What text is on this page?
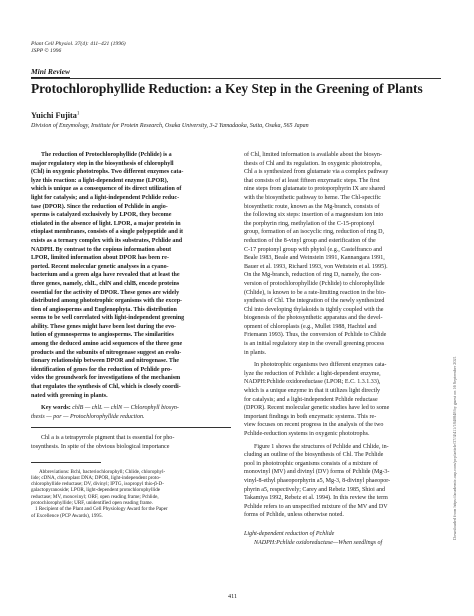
Plant Cell Physiol. 37(4): 411–421 (1996)
JSPP © 1996
Mini Review
Protochlorophyllide Reduction: a Key Step in the Greening of Plants
Yuichi Fujita$^1$
Division of Enzymology, Institute for Protein Research, Osaka University, 3-2 Yamadaoka, Suita, Osaka, 565 Japan
The reduction of Protochlorophyllide (Pchlide) is a
major regulatory step in the biosynthesis of chlorophyll
(Chl) in oxygenic phototrophs. Two different enzymes cata-
lyze this reaction: a light-dependent enzyme (LPOR),
which is unique as a consequence of its direct utilization of
light for catalysis; and a light-independent Pchlide reduc-
tase (DPOR). Since the reduction of Pchlide in angio-
sperms is catalyzed exclusively by LPOR, they become
etiolated in the absence of light. LPOR, a major protein in
etioplast membranes, consists of a single polypeptide and it
exists as a ternary complex with its substrates, Pchlide and
NADPH. By contrast to the copious information about
LPOR, limited information about DPOR has been re-
ported. Recent molecular genetic analyses in a cyano-
bacterium and a green alga have revealed that at least the
three genes, namely, chlL, chlN and chlB, encode proteins
essential for the activity of DPOR. These genes are widely
distributed among phototrophic organisms with the excep-
tion of angiosperms and Euglenophyta. This distribution
seems to be well correlated with light-independent greening
ability. These genes might have been lost during the evo-
lution of gymnosperms to angiosperms. The similarities
among the deduced amino acid sequences of the three gene
products and the subunits of nitrogenase suggest an evolu-
tionary relationship between DPOR and nitrogenase. The
identification of genes for the reduction of Pchlide pro-
vides the groundwork for investigations of the mechanism
that regulates the synthesis of Chl, which is closely coordi-
nated with greening in plants.
Key words: chlB — chlL — chlN — Chlorophyll biosyn-
thesis — por — Protochlorophyllide reduction.
Chl a is a tetrapyrrole pigment that is essential for pho-
tosynthesis. In spite of the obvious biological importance
Abbreviations: Bchl, bacteriochlorophyll; Chlide, chlorophyl-
lide; cDNA, chloroplast DNA; DPOR, light-independent proto-
chlorophyllide reductase; DV, divinyl; IPTG, isopropyl thio-β-D-
galactopyranoside; LPOR, light-dependent protochlorophyllide
reductase; MV, monovinyl; ORF, open reading frame; Pchlide,
protochlorophyllide; URF, unidentified open reading frame.
1 Recipient of the Plant and Cell Physiology Award for the Paper
of Excellence (PCP Awards), 1995.
of Chl, limited information is available about the biosyn-
thesis of Chl and its regulation. In oxygenic phototrophs,
Chl a is synthesized from glutamate via a complex pathway
that consists of at least fifteen enzymatic steps. The first
nine steps from glutamate to protoporphyrin IX are shared
with the biosynthetic pathway to heme. The Chl-specific
biosynthetic route, known as the Mg-branch, consists of
the following six steps: insertion of a magnesium ion into
the porphyrin ring, methylation of the C-15-propionyl
group, formation of an isocyclic ring, reduction of ring D,
reduction of the 8-vinyl group and esterification of the
C-17 propionyl group with phytol (e.g., Castelfranco and
Beale 1983, Beale and Weinstein 1991, Kannangara 1991,
Bauer et al. 1993, Richard 1993, von Wettstein et al. 1995).
On the Mg-branch, reduction of ring D, namely, the con-
version of protochlorophyllide (Pchlide) to chlorophyllide
(Chlide), is known to be a rate-limiting reaction in the bio-
synthesis of Chl. The integration of the newly synthesized
Chl into developing thylakoids is tightly coupled with the
biogenesis of the photosynthetic apparatus and the devel-
opment of chloroplasts (e.g., Mullet 1988, Hachtel and
Friemann 1993). Thus, the conversion of Pchlide to Chlide
is an initial regulatory step in the overall greening process
in plants.
In phototrophic organisms two different enzymes cata-
lyze the reduction of Pchlide: a light-dependent enzyme,
NADPH:Pchlide oxidoreductase (LPOR; E.C. 1.3.1.33),
which is a unique enzyme in that it utilizes light directly
for catalysis; and a light-independent Pchlide reductase
(DPOR). Recent molecular genetic studies have led to some
important findings in both enzymatic systems. This re-
view focuses on recent progress in the analysis of the two
Pchlide-reduction systems in oxygenic phototrophs.
Figure 1 shows the structures of Pchlide and Chlide, in-
cluding an outline of the biosynthesis of Chl. The Pchlide
pool in phototrophic organisms consists of a mixture of
monovinyl (MV) and divinyl (DV) forms of Pchlide (Mg-3-
vinyl-8-ethyl phaeoporphyrin a5, Mg-3, 8-divinyl phaeopor-
phyrin a5, respectively; Carey and Rebeiz 1985, Shioi and
Takamiya 1992, Rebeiz et al. 1994). In this review the term
Pchlide refers to an unspecified mixture of the MV and DV
forms of Pchlide, unless otherwise noted.
Light-dependent reduction of Pchlide
NADPH:Pchlide oxidoreductase—When seedlings of
Downloaded from https://academic.oup.com/pcp/article/37/4/411/1840848 by guest on 16 September 2021
411
